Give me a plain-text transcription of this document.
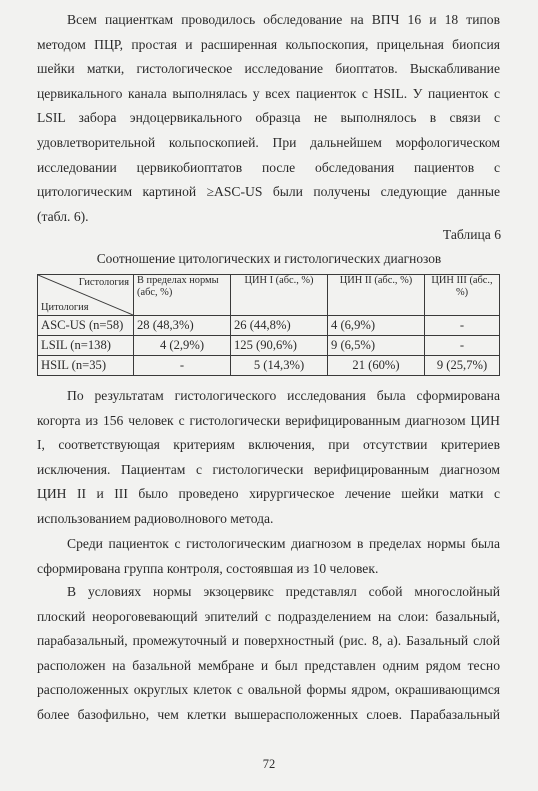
Всем пациенткам проводилось обследование на ВПЧ 16 и 18 типов
методом ПЦР, простая и расширенная кольпоскопия, прицельная биопсия
шейки матки, гистологическое исследование биоптатов. Выскабливание
цервикального канала выполнялась у всех пациенток с HSIL. У пациенток с
LSIL забора эндоцервикального образца не выполнялось в связи с
удовлетворительной кольпоскопией. При дальнейшем морфологическом
исследовании цервикобиоптатов после обследования пациентов с
цитологическим картиной ≥ASC-US были получены следующие данные
(табл. 6).
Таблица 6
Соотношение цитологических и гистологических диагнозов
Гистология
Цитология	В пределах нормы (абс, %)	ЦИН I (абс., %)	ЦИН II (абс., %)	ЦИН III (абс., %)
ASC-US (n=58)	28 (48,3%)	26 (44,8%)	4 (6,9%)	-
LSIL (n=138)	4 (2,9%)	125 (90,6%)	9 (6,5%)	-
HSIL (n=35)	-	5 (14,3%)	21 (60%)	9 (25,7%)
По результатам гистологического исследования была сформирована
когорта из 156 человек с гистологически верифицированным диагнозом ЦИН
I, соответствующая критериям включения, при отсутствии критериев
исключения. Пациентам с гистологически верифицированным диагнозом
ЦИН II и III было проведено хирургическое лечение шейки матки с
использованием радиоволнового метода.
Среди пациенток с гистологическим диагнозом в пределах нормы была
сформирована группа контроля, состоявшая из 10 человек.
В условиях нормы экзоцервикс представлял собой многослойный
плоский неороговевающий эпителий с подразделением на слои: базальный,
парабазальный, промежуточный и поверхностный (рис. 8, а). Базальный слой
расположен на базальной мембране и был представлен одним рядом тесно
расположенных округлых клеток с овальной формы ядром, окрашивающимся
более базофильно, чем клетки вышерасположенных слоев. Парабазальный
72
